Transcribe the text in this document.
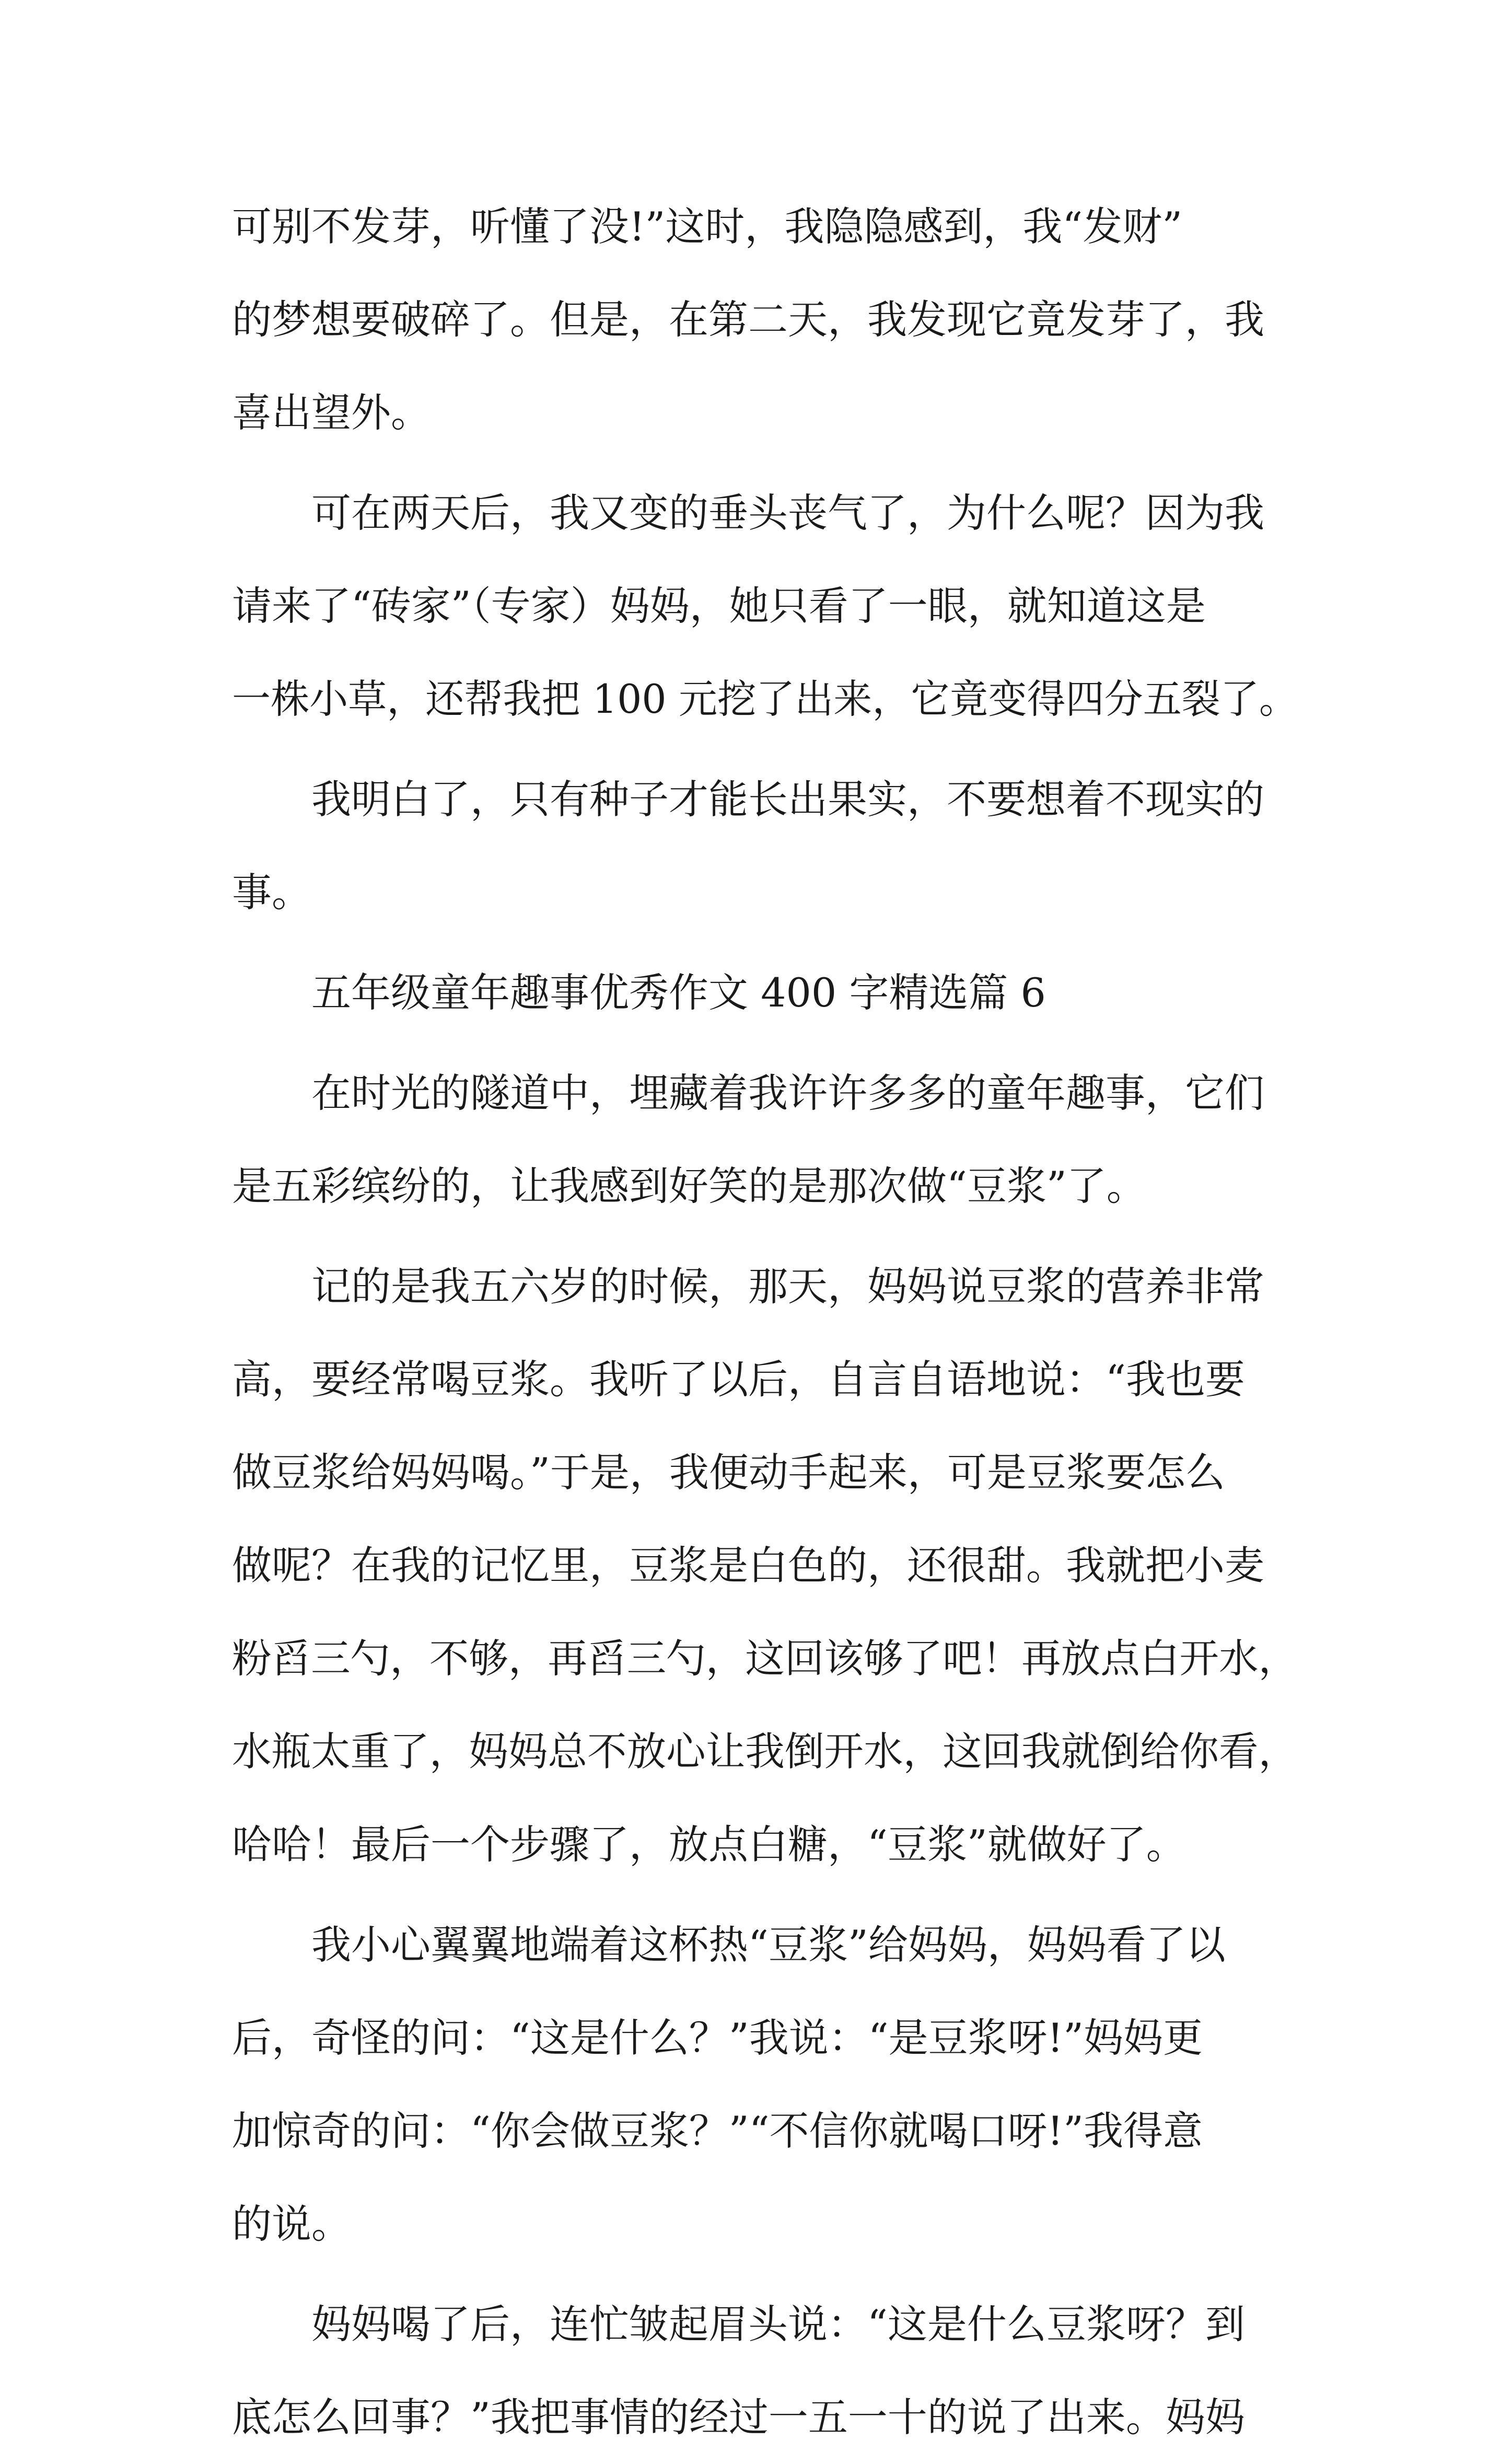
可别不发芽，听懂了没!”这时，我隐隐感到，我“发财”
的梦想要破碎了。但是，在第二天，我发现它竟发芽了，我
喜出望外。
可在两天后，我又变的垂头丧气了，为什么呢？因为我
请来了“砖家”（专家）妈妈，她只看了一眼，就知道这是
一株小草，还帮我把 100 元挖了出来，它竟变得四分五裂了。
我明白了，只有种子才能长出果实，不要想着不现实的
事。
五年级童年趣事优秀作文 400 字精选篇 6
在时光的隧道中，埋藏着我许许多多的童年趣事，它们
是五彩缤纷的，让我感到好笑的是那次做“豆浆”了。
记的是我五六岁的时候，那天，妈妈说豆浆的营养非常
高，要经常喝豆浆。我听了以后，自言自语地说：“我也要
做豆浆给妈妈喝。”于是，我便动手起来，可是豆浆要怎么
做呢？在我的记忆里，豆浆是白色的，还很甜。我就把小麦
粉舀三勺，不够，再舀三勺，这回该够了吧！再放点白开水，
水瓶太重了，妈妈总不放心让我倒开水，这回我就倒给你看，
哈哈！最后一个步骤了，放点白糖，“豆浆”就做好了。
我小心翼翼地端着这杯热“豆浆”给妈妈，妈妈看了以
后，奇怪的问：“这是什么？”我说：“是豆浆呀!”妈妈更
加惊奇的问：“你会做豆浆？”“不信你就喝口呀!”我得意
的说。
妈妈喝了后，连忙皱起眉头说：“这是什么豆浆呀？到
底怎么回事？”我把事情的经过一五一十的说了出来。妈妈
